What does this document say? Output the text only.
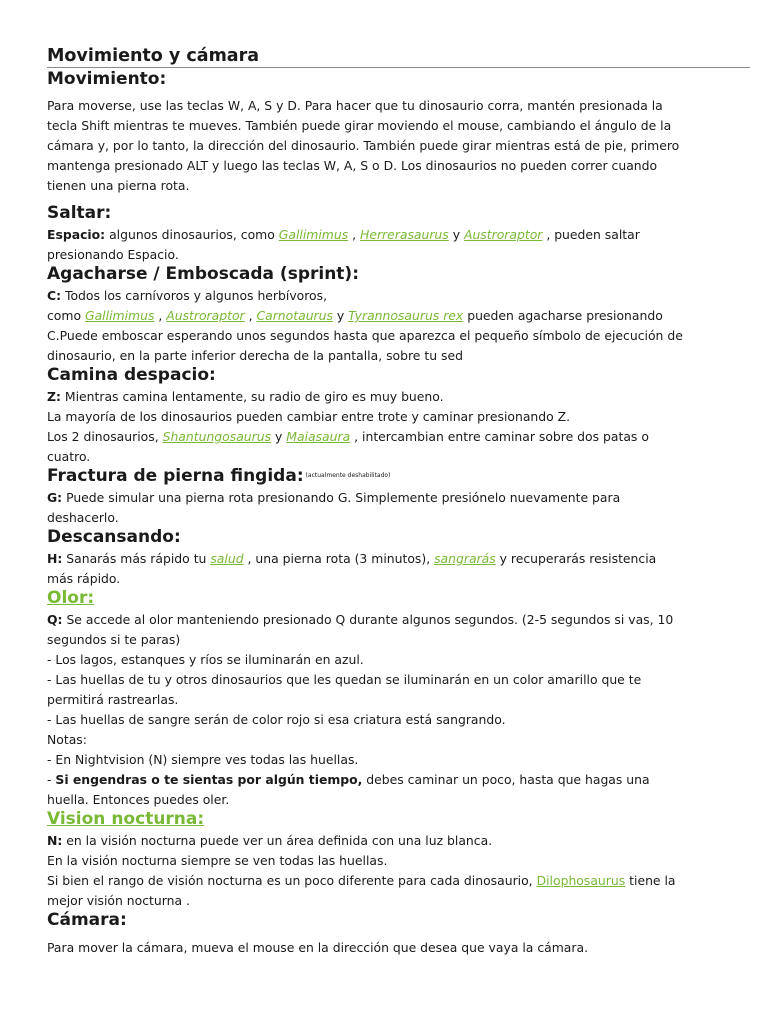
Movimiento y cámara
Movimiento:

Para moverse, use las teclas W, A, S y D. Para hacer que tu dinosaurio corra, mantén presionada la

tecla Shift mientras te mueves. También puede girar moviendo el mouse, cambiando el ángulo de la

cámara y, por lo tanto, la dirección del dinosaurio. También puede girar mientras está de pie, primero

mantenga presionado ALT y luego las teclas W, A, S o D. Los dinosaurios no pueden correr cuando

tienen una pierna rota.

Saltar:

Espacio: algunos dinosaurios, como Gallimimus , Herrerasaurus y Austroraptor , pueden saltar

presionando Espacio.

Agacharse / Emboscada (sprint):

C: Todos los carnívoros y algunos herbívoros,

como Gallimimus , Austroraptor , Carnotaurus y Tyrannosaurus rex pueden agacharse presionando

C.Puede emboscar esperando unos segundos hasta que aparezca el pequeño símbolo de ejecución de

dinosaurio, en la parte inferior derecha de la pantalla, sobre tu sed

Camina despacio:

Z: Mientras camina lentamente, su radio de giro es muy bueno.

La mayoría de los dinosaurios pueden cambiar entre trote y caminar presionando Z.

Los 2 dinosaurios, Shantungosaurus y Maiasaura , intercambian entre caminar sobre dos patas o

cuatro.

Fractura de pierna fingida: $^{(actualmente deshabilitado)}$

G: Puede simular una pierna rota presionando G. Simplemente presiónelo nuevamente para

deshacerlo.

Descansando:

H: Sanarás más rápido tu salud , una pierna rota (3 minutos), sangrarás y recuperarás resistencia

más rápido.

Olor:

Q: Se accede al olor manteniendo presionado Q durante algunos segundos. (2-5 segundos si vas, 10

segundos si te paras)

- Los lagos, estanques y ríos se iluminarán en azul.

- Las huellas de tu y otros dinosaurios que les quedan se iluminarán en un color amarillo que te

permitirá rastrearlas.

- Las huellas de sangre serán de color rojo si esa criatura está sangrando.

Notas:

- En Nightvision (N) siempre ves todas las huellas.

- Si engendras o te sientas por algún tiempo, debes caminar un poco, hasta que hagas una

huella. Entonces puedes oler.

Vision nocturna:

N: en la visión nocturna puede ver un área definida con una luz blanca.

En la visión nocturna siempre se ven todas las huellas.

Si bien el rango de visión nocturna es un poco diferente para cada dinosaurio, Dilophosaurus tiene la

mejor visión nocturna .

Cámara:

Para mover la cámara, mueva el mouse en la dirección que desea que vaya la cámara.
